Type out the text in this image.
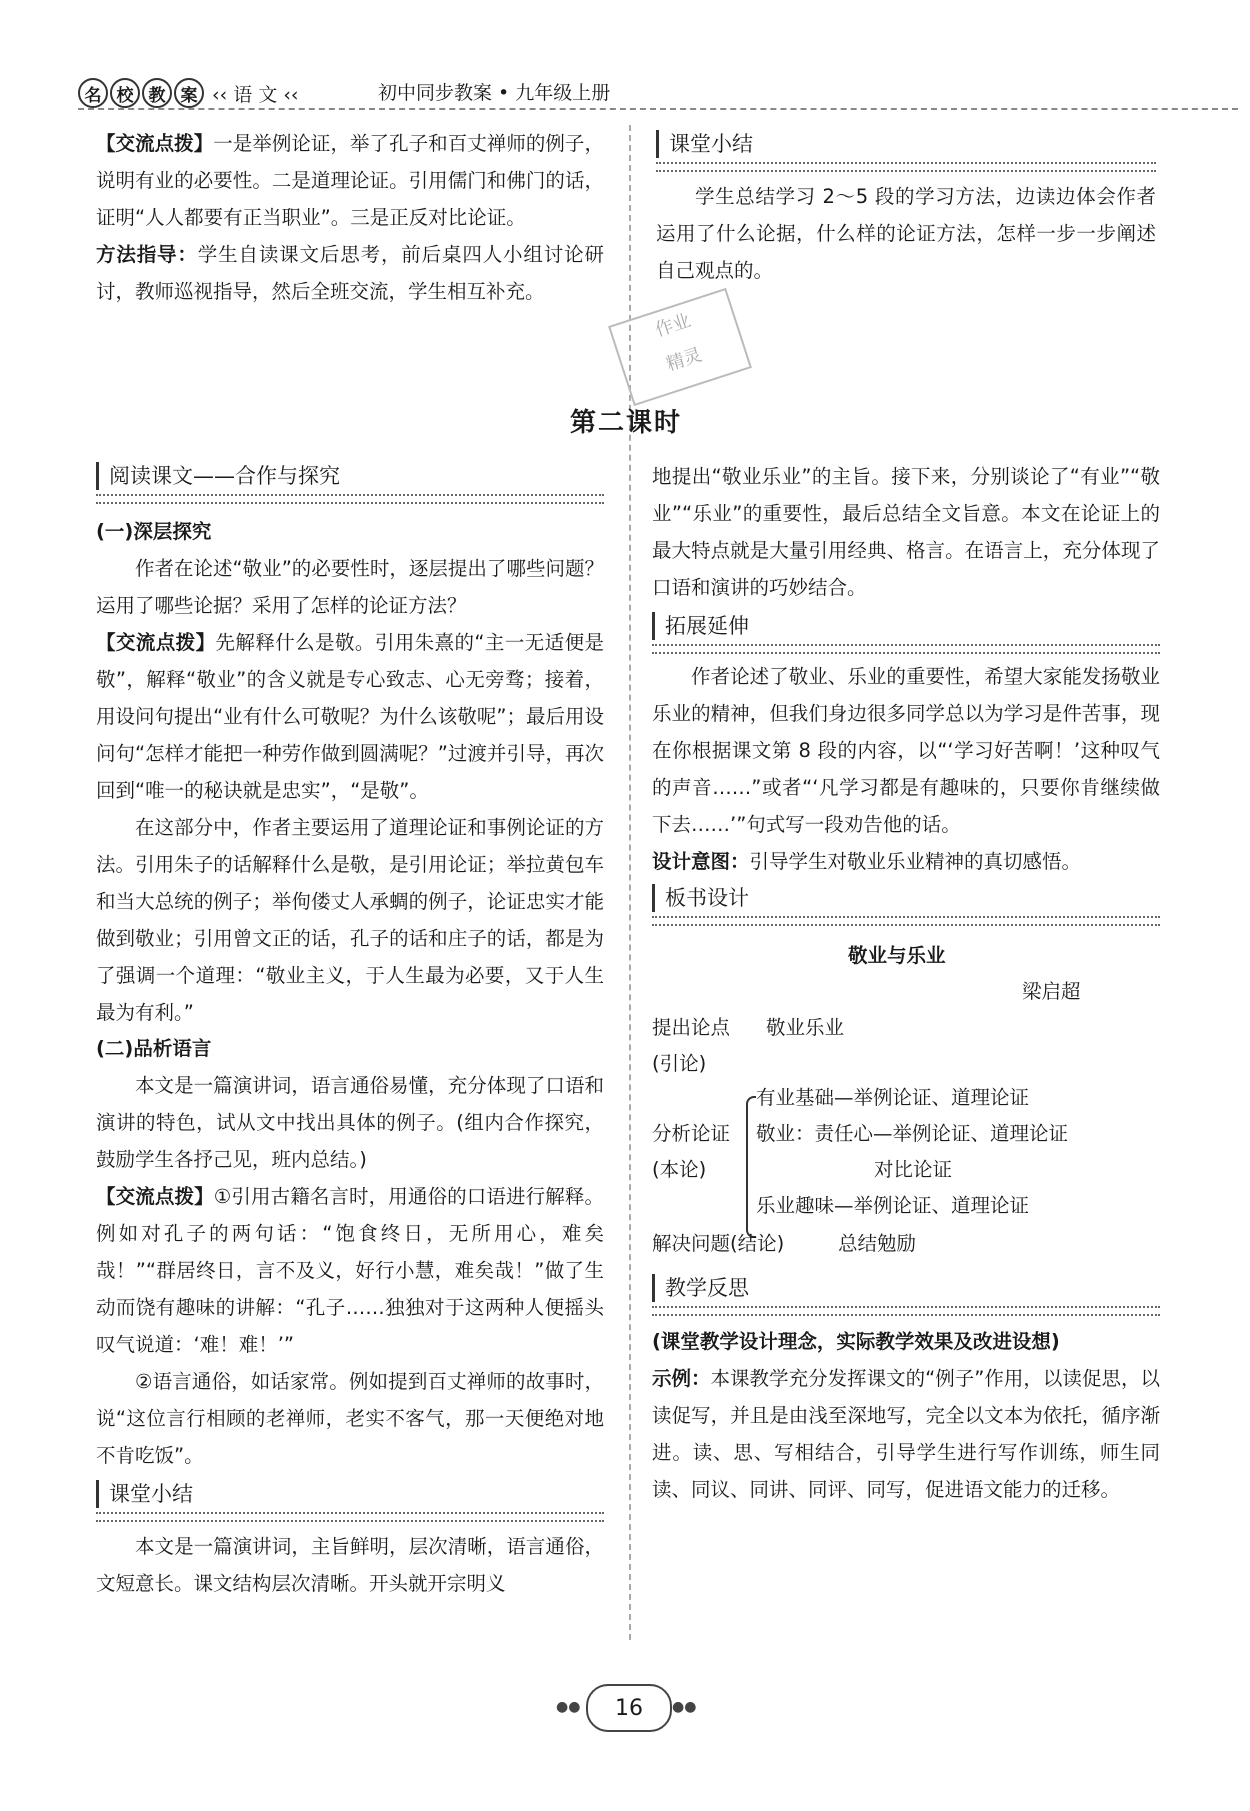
名 校 教 案 ‹‹ 语 文 ‹‹	初中同步教案 • 九年级上册

【交流点拨】一是举例论证，举了孔子和百丈禅师的例子，说明有业的必要性。二是道理论证。引用儒门和佛门的话，证明“人人都要有正当职业”。三是正反对比论证。

方法指导：学生自读课文后思考，前后桌四人小组讨论研讨，教师巡视指导，然后全班交流，学生相互补充。

课堂小结

学生总结学习 2～5 段的学习方法，边读边体会作者运用了什么论据，什么样的论证方法，怎样一步一步阐述自己观点的。

作业
精灵
第二课时
阅读课文——合作与探究
(一)深层探究

作者在论述“敬业”的必要性时，逐层提出了哪些问题？运用了哪些论据？采用了怎样的论证方法？

【交流点拨】先解释什么是敬。引用朱熹的“主一无适便是敬”，解释“敬业”的含义就是专心致志、心无旁骛；接着，用设问句提出“业有什么可敬呢？为什么该敬呢”；最后用设问句“怎样才能把一种劳作做到圆满呢？”过渡并引导，再次回到“唯一的秘诀就是忠实”，“是敬”。

在这部分中，作者主要运用了道理论证和事例论证的方法。引用朱子的话解释什么是敬，是引用论证；举拉黄包车和当大总统的例子；举佝偻丈人承蜩的例子，论证忠实才能做到敬业；引用曾文正的话，孔子的话和庄子的话，都是为了强调一个道理：“敬业主义，于人生最为必要，又于人生最为有利。”

(二)品析语言

本文是一篇演讲词，语言通俗易懂，充分体现了口语和演讲的特色，试从文中找出具体的例子。(组内合作探究，鼓励学生各抒己见，班内总结。)

【交流点拨】①引用古籍名言时，用通俗的口语进行解释。例如对孔子的两句话：“饱食终日，无所用心，难矣哉！”“群居终日，言不及义，好行小慧，难矣哉！”做了生动而饶有趣味的讲解：“孔子……独独对于这两种人便摇头叹气说道：‘难！难！’”

②语言通俗，如话家常。例如提到百丈禅师的故事时，说“这位言行相顾的老禅师，老实不客气，那一天便绝对地不肯吃饭”。

课堂小结

本文是一篇演讲词，主旨鲜明，层次清晰，语言通俗，文短意长。课文结构层次清晰。开头就开宗明义

地提出“敬业乐业”的主旨。接下来，分别谈论了“有业”“敬业”“乐业”的重要性，最后总结全文旨意。本文在论证上的最大特点就是大量引用经典、格言。在语言上，充分体现了口语和演讲的巧妙结合。

拓展延伸

作者论述了敬业、乐业的重要性，希望大家能发扬敬业乐业的精神，但我们身边很多同学总以为学习是件苦事，现在你根据课文第 8 段的内容，以“‘学习好苦啊！’这种叹气的声音……”或者“‘凡学习都是有趣味的，只要你肯继续做下去……’”句式写一段劝告他的话。

设计意图：引导学生对敬业乐业精神的真切感悟。

板书设计
敬业与乐业
梁启超
提出论点 敬业乐业
(引论)
分析论证
(本论)
有业基础—举例论证、道理论证
敬业：责任心—举例论证、道理论证
对比论证
乐业趣味—举例论证、道理论证
解决问题(结论)	总结勉励
教学反思
(课堂教学设计理念，实际教学效果及改进设想)

示例：本课教学充分发挥课文的“例子”作用，以读促思，以读促写，并且是由浅至深地写，完全以文本为依托，循序渐进。读、思、写相结合，引导学生进行写作训练，师生同读、同议、同讲、同评、同写，促进语文能力的迁移。

●●	16	●●
